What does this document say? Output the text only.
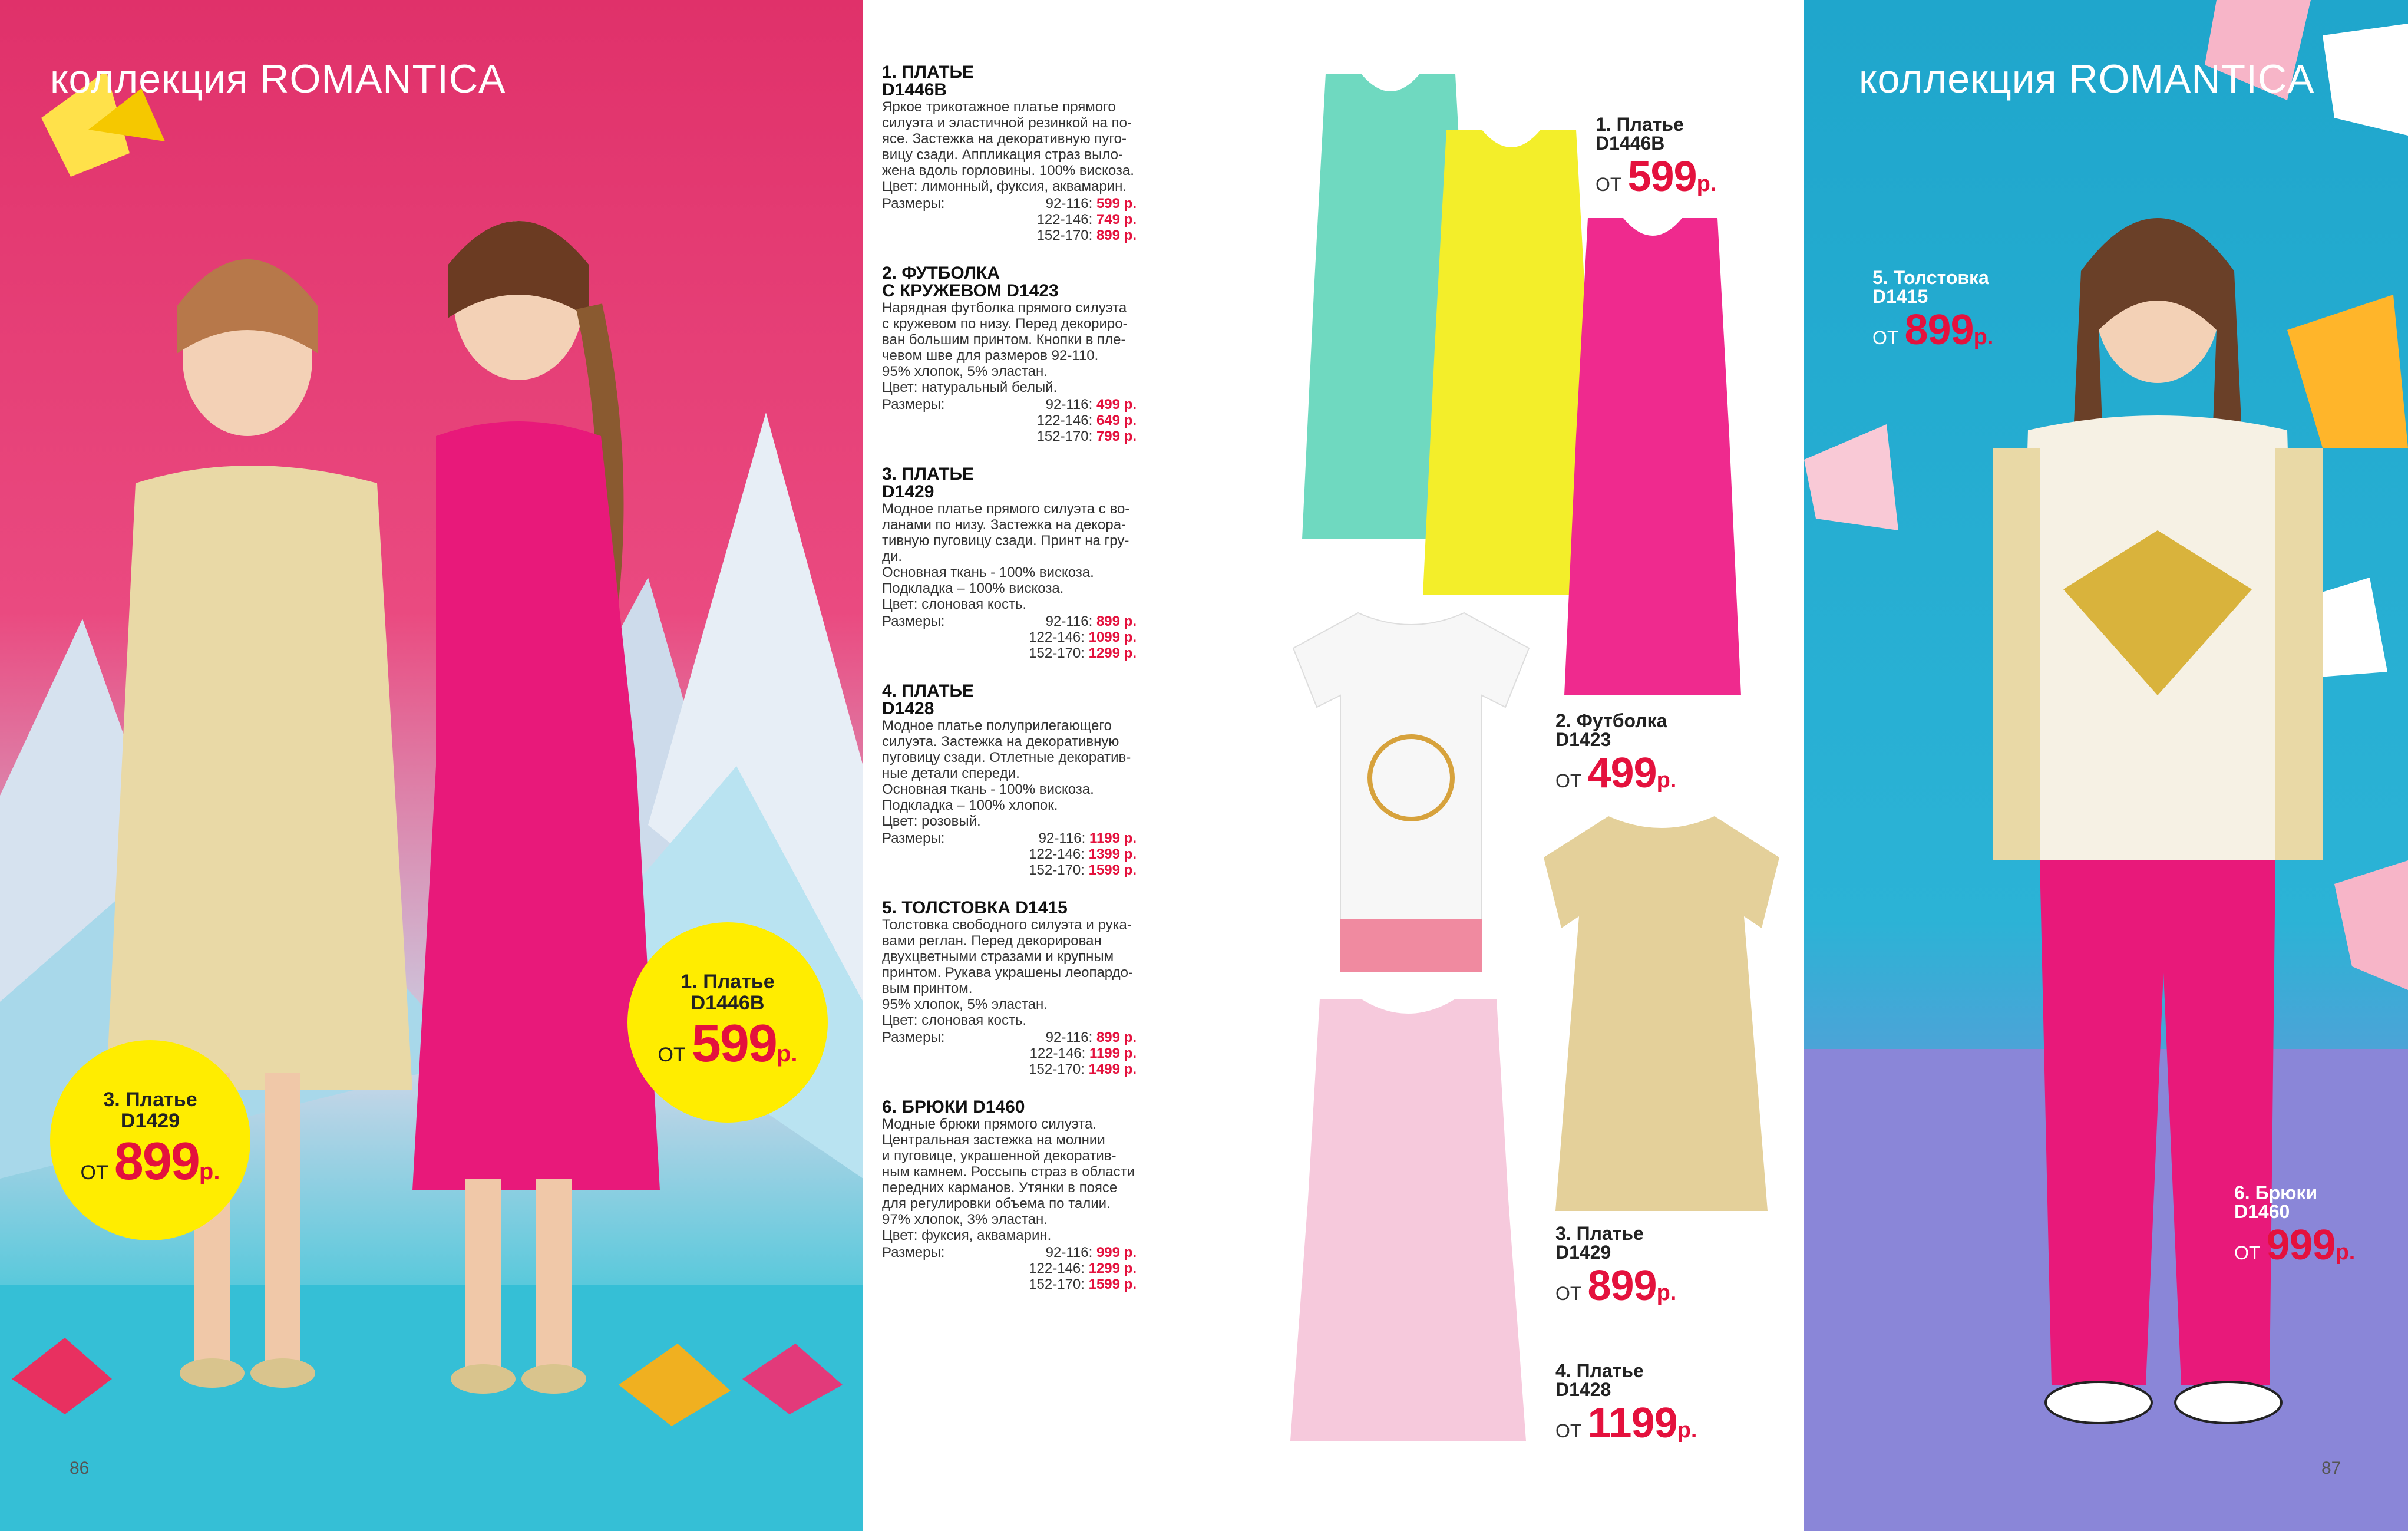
коллекция ROMANTICA
1. Платье
D1446B
ОТ 599 р.
3. Платье
D1429
ОТ 899 р.
86
1. ПЛАТЬЕ
D1446B
Яркое трикотажное платье прямого
силуэта и эластичной резинкой на по-
ясе. Застежка на декоративную пуго-
вицу сзади. Аппликация страз выло-
жена вдоль горловины. 100% вискоза.
Цвет: лимонный, фуксия, аквамарин.
Размеры:	92-116: 599 р.
122-146: 749 р.
152-170: 899 р.
2. ФУТБОЛКА
С КРУЖЕВОМ D1423
Нарядная футболка прямого силуэта
с кружевом по низу. Перед декориро-
ван большим принтом. Кнопки в пле-
чевом шве для размеров 92-110.
95% хлопок, 5% эластан.
Цвет: натуральный белый.
Размеры:	92-116: 499 р.
122-146: 649 р.
152-170: 799 р.
3. ПЛАТЬЕ
D1429
Модное платье прямого силуэта с во-
ланами по низу. Застежка на декора-
тивную пуговицу сзади. Принт на гру-
ди.
Основная ткань - 100% вискоза.
Подкладка – 100% вискоза.
Цвет: слоновая кость.
Размеры:	92-116: 899 р.
122-146: 1099 р.
152-170: 1299 р.
4. ПЛАТЬЕ
D1428
Модное платье полуприлегающего
силуэта. Застежка на декоративную
пуговицу сзади. Отлетные декоратив-
ные детали спереди.
Основная ткань - 100% вискоза.
Подкладка – 100% хлопок.
Цвет: розовый.
Размеры:	92-116: 1199 р.
122-146: 1399 р.
152-170: 1599 р.
5. ТОЛСТОВКА D1415
Толстовка свободного силуэта и рука-
вами реглан. Перед декорирован
двухцветными стразами и крупным
принтом. Рукава украшены леопардо-
вым принтом.
95% хлопок, 5% эластан.
Цвет: слоновая кость.
Размеры:	92-116: 899 р.
122-146: 1199 р.
152-170: 1499 р.
6. БРЮКИ D1460
Модные брюки прямого силуэта.
Центральная застежка на молнии
и пуговице, украшенной декоратив-
ным камнем. Россыпь страз в области
передних карманов. Утянки в поясе
для регулировки объема по талии.
97% хлопок, 3% эластан.
Цвет: фуксия, аквамарин.
Размеры:	92-116: 999 р.
122-146: 1299 р.
152-170: 1599 р.
1. Платье
D1446B
ОТ 599 р.
2. Футболка
D1423
ОТ 499 р.
3. Платье
D1429
ОТ 899 р.
4. Платье
D1428
ОТ 1199 р.
коллекция ROMANTICA
5. Толстовка
D1415
ОТ 899 р.
6. Брюки
D1460
ОТ 999 р.
87
